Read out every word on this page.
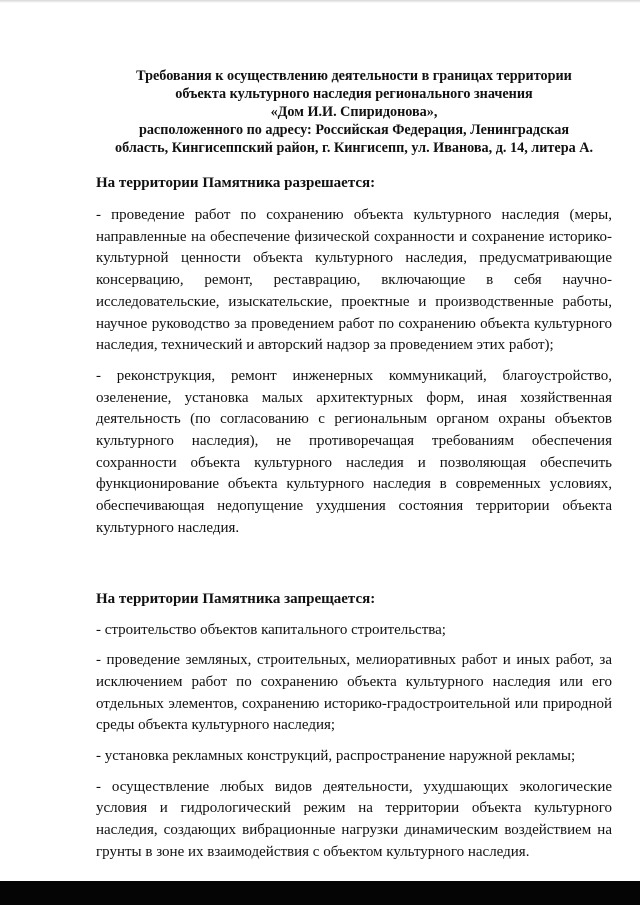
Требования к осуществлению деятельности в границах территории
объекта культурного наследия регионального значения
«Дом И.И. Спиридонова»,
расположенного по адресу: Российская Федерация, Ленинградская
область, Кингисеппский район, г. Кингисепп, ул. Иванова, д. 14, литера А.
На территории Памятника разрешается:

- проведение работ по сохранению объекта культурного наследия (меры, направленные на обеспечение физической сохранности и сохранение историко-культурной ценности объекта культурного наследия, предусматривающие консервацию, ремонт, реставрацию, включающие в себя научно-исследовательские, изыскательские, проектные и производственные работы, научное руководство за проведением работ по сохранению объекта культурного наследия, технический и авторский надзор за проведением этих работ);

- реконструкция, ремонт инженерных коммуникаций, благоустройство, озеленение, установка малых архитектурных форм, иная хозяйственная деятельность (по согласованию с региональным органом охраны объектов культурного наследия), не противоречащая требованиям обеспечения сохранности объекта культурного наследия и позволяющая обеспечить функционирование объекта культурного наследия в современных условиях, обеспечивающая недопущение ухудшения состояния территории объекта культурного наследия.

На территории Памятника запрещается:

- строительство объектов капитального строительства;

- проведение земляных, строительных, мелиоративных работ и иных работ, за исключением работ по сохранению объекта культурного наследия или его отдельных элементов, сохранению историко-градостроительной или природной среды объекта культурного наследия;

- установка рекламных конструкций, распространение наружной рекламы;

- осуществление любых видов деятельности, ухудшающих экологические условия и гидрологический режим на территории объекта культурного наследия, создающих вибрационные нагрузки динамическим воздействием на грунты в зоне их взаимодействия с объектом культурного наследия.
